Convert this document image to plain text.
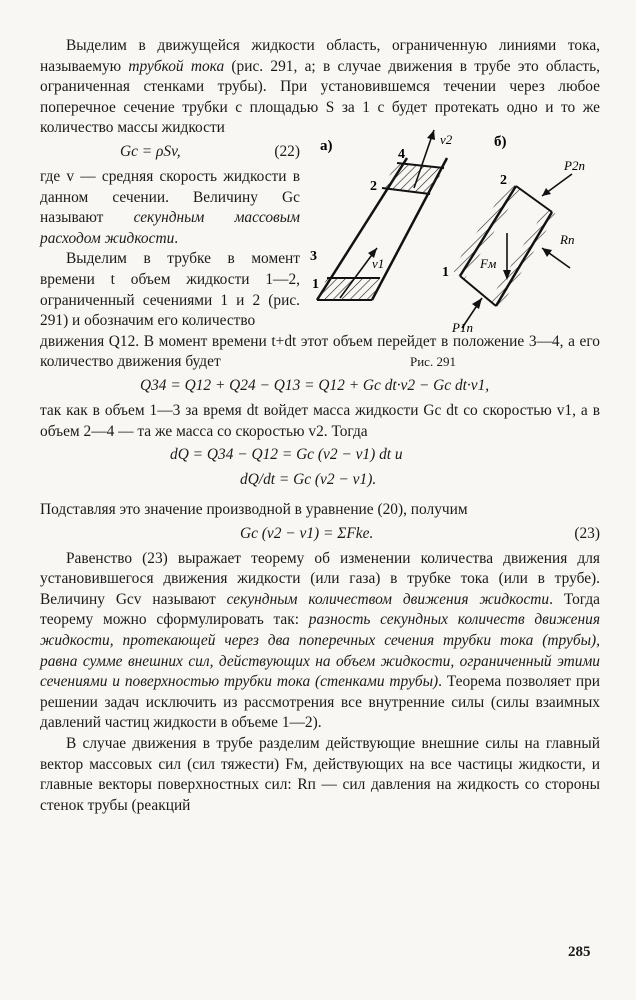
Выделим в движущейся жидкости область, ограниченную линиями тока, называемую трубкой тока (рис. 291, а; в случае движения в трубе это область, ограниченная стенками трубы). При установившемся течении через любое поперечное сечение трубки с площадью S за 1 с будет протекать одно и то же количество массы жидкости

Gc = ρSv,	(22)

где v — средняя скорость жидкости в данном сечении. Величину Gc называют секундным массовым расходом жидкости.

Выделим в трубке в момент времени t объем жидкости 1—2, ограниченный сечениями 1 и 2 (рис. 291) и обозначим его количество

движения Q12. В момент времени t+dt этот объем перейдет в положение 3—4, а его количество движения будет

Q34 = Q12 + Q24 − Q13 = Q12 + Gc dt·v2 − Gc dt·v1,

так как в объем 1—3 за время dt войдет масса жидкости Gc dt со скоростью v1, а в объем 2—4 — та же масса со скоростью v2. Тогда

dQ = Q34 − Q12 = Gc (v2 − v1) dt и
dQ/dt = Gc (v2 − v1).

Подставляя это значение производной в уравнение (20), получим

Gc (v2 − v1) = ΣFke.	(23)

Равенство (23) выражает теорему об изменении количества движения для установившегося движения жидкости (или газа) в трубке тока (или в трубе). Величину Gcv называют секундным количеством движения жидкости. Тогда теорему можно сформулировать так: разность секундных количеств движения жидкости, протекающей через два поперечных сечения трубки тока (трубы), равна сумме внешних сил, действующих на объем жидкости, ограниченный этими сечениями и поверхностью трубки тока (стенками трубы). Теорема позволяет при решении задач исключить из рассмотрения все внутренние силы (силы взаимных давлений частиц жидкости в объеме 1—2).

В случае движения в трубе разделим действующие внешние силы на главный вектор массовых сил (сил тяжести) Fм, действующих на все частицы жидкости, и главные векторы поверхностных сил: Rп — сил давления на жидкость со стороны стенок трубы (реакций

а)
3
1
2
4
v1
v2	б)
1
2
P1п
P2п
Fм
Rп
Рис. 291
285
